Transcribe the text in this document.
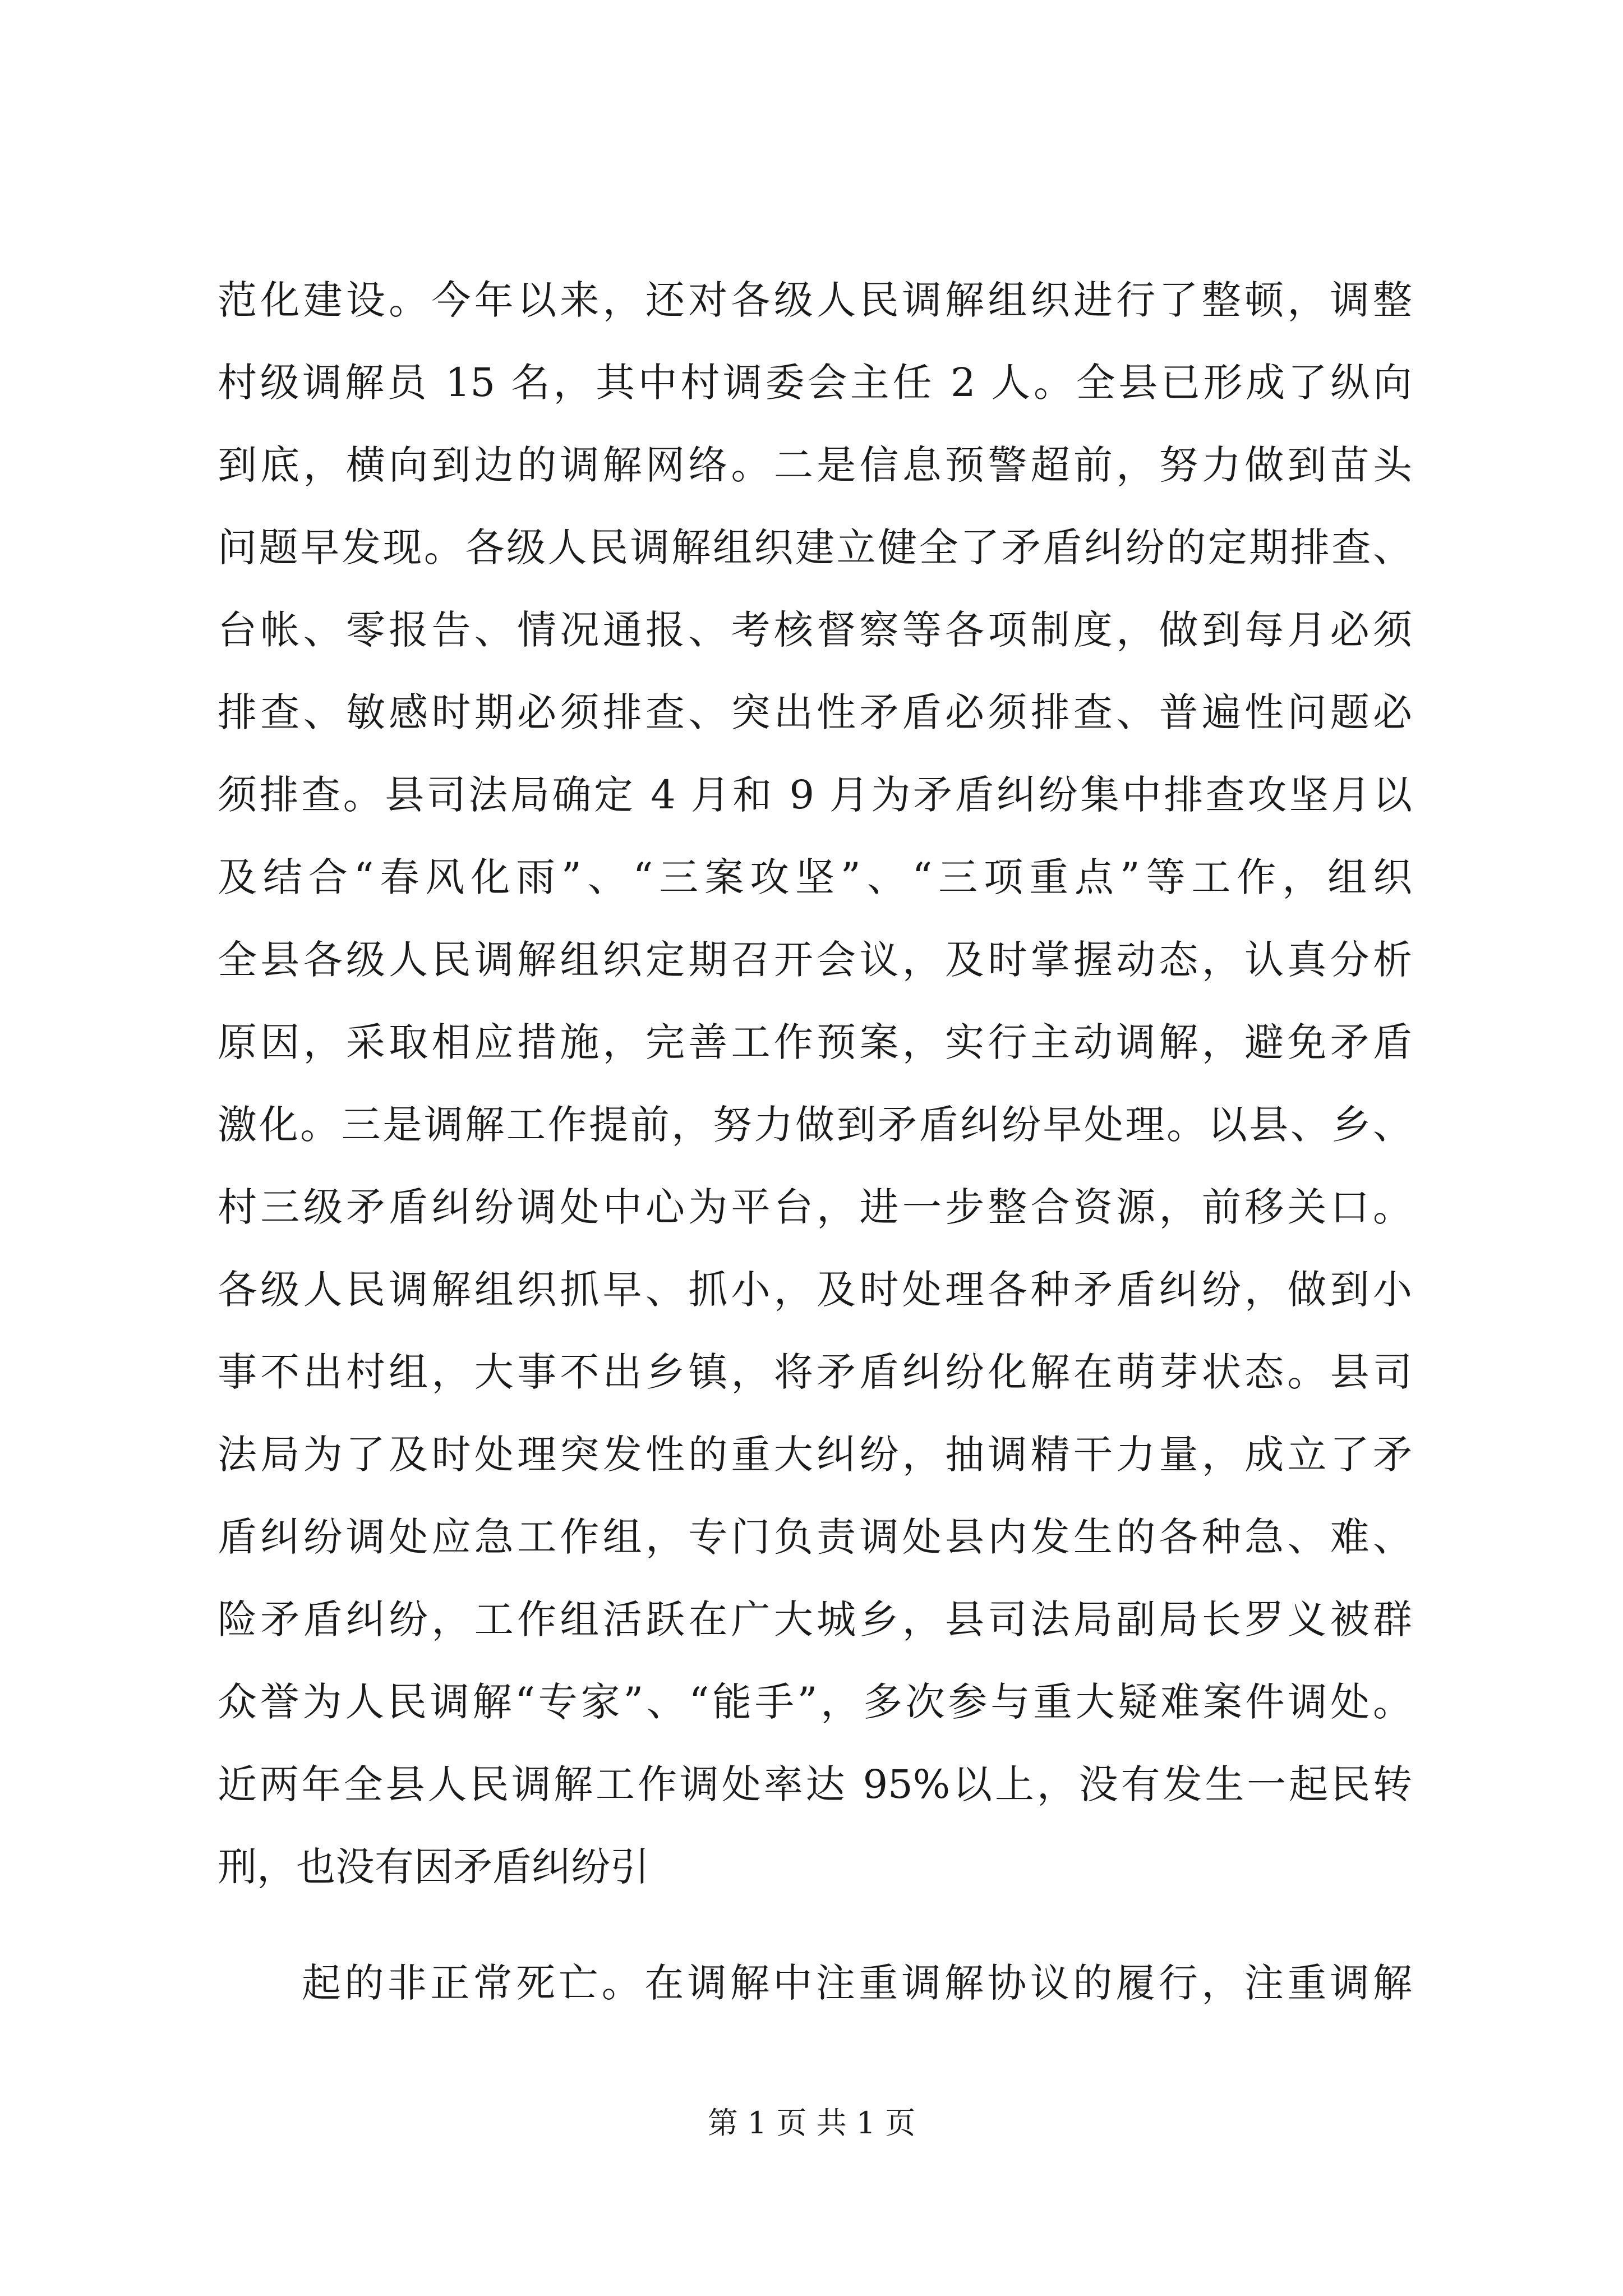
范化建设。今年以来，还对各级人民调解组织进行了整顿，调整
村级调解员 15 名，其中村调委会主任 2 人。全县已形成了纵向
到底，横向到边的调解网络。二是信息预警超前，努力做到苗头
问题早发现。各级人民调解组织建立健全了矛盾纠纷的定期排查、
台帐、零报告、情况通报、考核督察等各项制度，做到每月必须
排查、敏感时期必须排查、突出性矛盾必须排查、普遍性问题必
须排查。县司法局确定 4 月和 9 月为矛盾纠纷集中排查攻坚月以
及结合“春风化雨”、“三案攻坚”、“三项重点”等工作，组织
全县各级人民调解组织定期召开会议，及时掌握动态，认真分析
原因，采取相应措施，完善工作预案，实行主动调解，避免矛盾
激化。三是调解工作提前，努力做到矛盾纠纷早处理。以县、乡、
村三级矛盾纠纷调处中心为平台，进一步整合资源，前移关口。
各级人民调解组织抓早、抓小，及时处理各种矛盾纠纷，做到小
事不出村组，大事不出乡镇，将矛盾纠纷化解在萌芽状态。县司
法局为了及时处理突发性的重大纠纷，抽调精干力量，成立了矛
盾纠纷调处应急工作组，专门负责调处县内发生的各种急、难、
险矛盾纠纷，工作组活跃在广大城乡，县司法局副局长罗义被群
众誉为人民调解“专家”、“能手”，多次参与重大疑难案件调处。
近两年全县人民调解工作调处率达 95%以上，没有发生一起民转
刑，也没有因矛盾纠纷引
起的非正常死亡。在调解中注重调解协议的履行，注重调解
第 1 页 共 1 页
